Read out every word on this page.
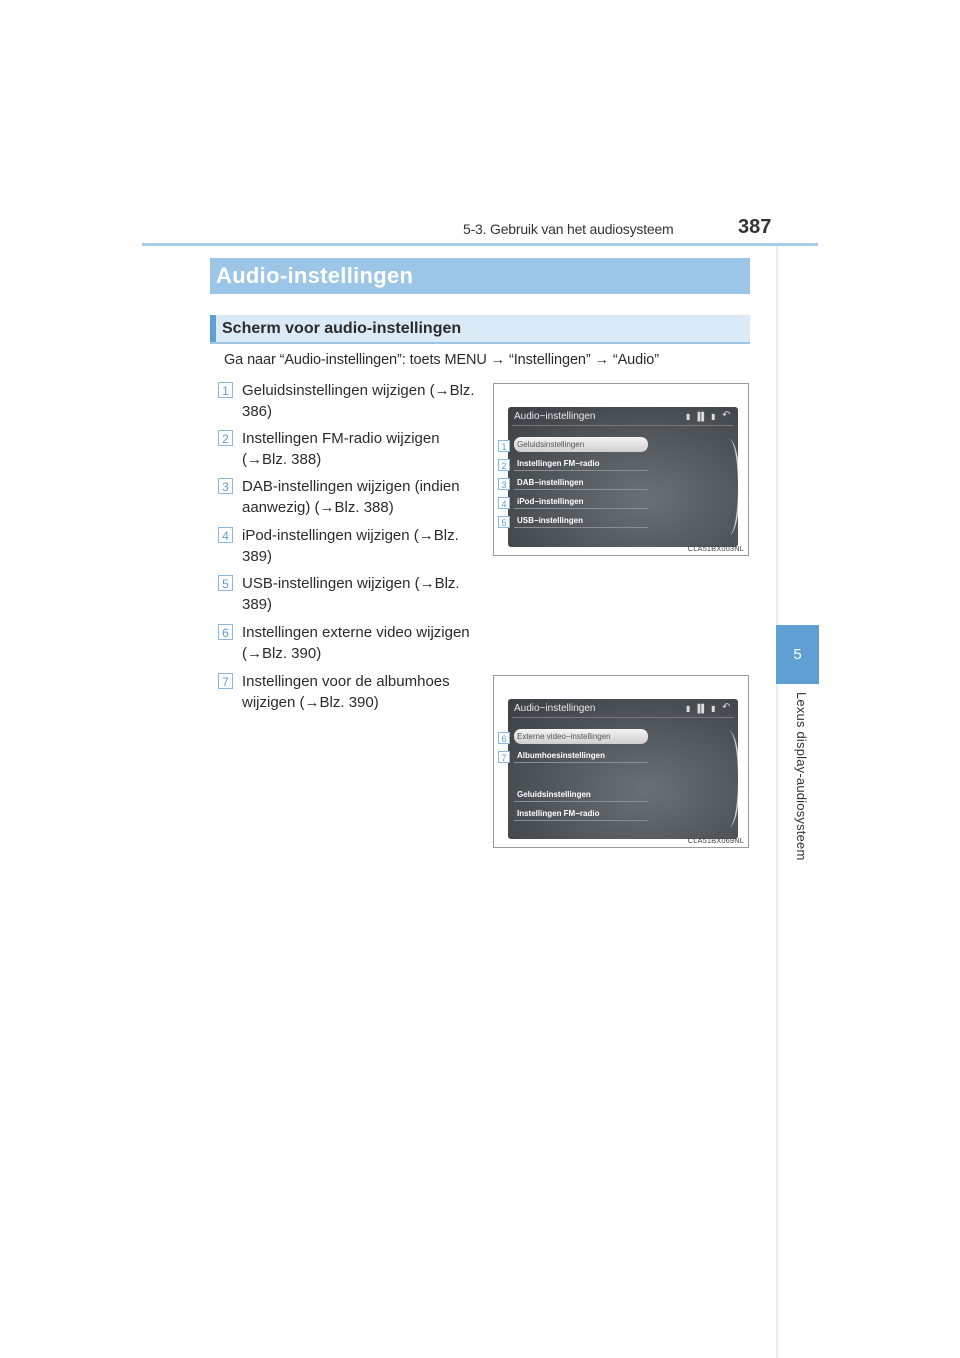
5-3. Gebruik van het audiosysteem	387
5
Lexus display-audiosysteem
Audio-instellingen
Scherm voor audio-instellingen
Ga naar “Audio-instellingen”: toets MENU → “Instellingen” → “Audio”
1 Geluidsinstellingen wijzigen (→Blz. 386)
2 Instellingen FM-radio wijzigen (→Blz. 388)
3 DAB-instellingen wijzigen (indien aanwezig) (→Blz. 388)
4 iPod-instellingen wijzigen (→Blz. 389)
5 USB-instellingen wijzigen (→Blz. 389)
6 Instellingen externe video wijzigen (→Blz. 390)
7 Instellingen voor de albumhoes wijzigen (→Blz. 390)
Audio−instellingen	▮ ▐▌ ▮ ↶
Geluidsinstellingen
Instellingen FM−radio
DAB−instellingen
iPod−instellingen
USB−instellingen
1
2
3
4
5
CLA51BX003NL
Audio−instellingen	▮ ▐▌ ▮ ↶
Externe video−instellingen
Albumhoesinstellingen
Geluidsinstellingen
Instellingen FM−radio
6
7
CLA51BX069NL
